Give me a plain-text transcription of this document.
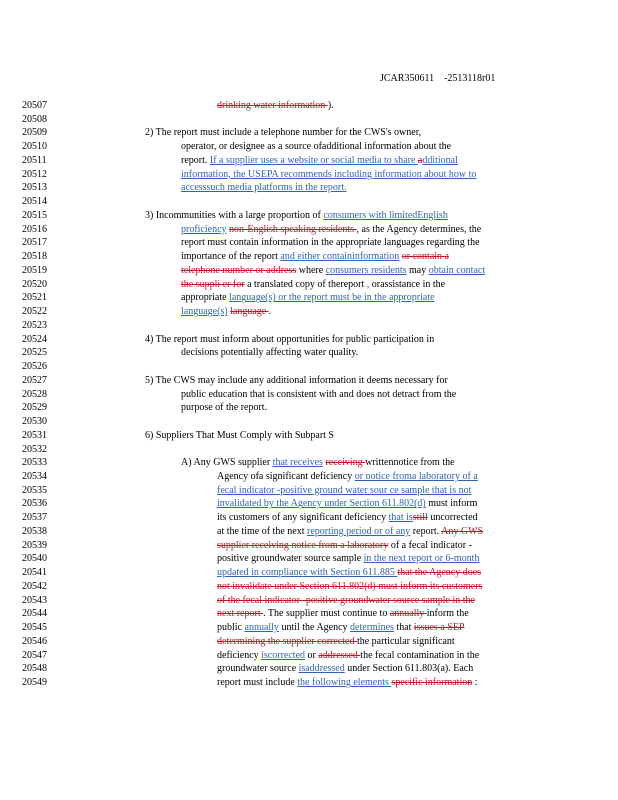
JCAR350611    -2513118r01
20507	drinking water information ).
20508
20509	2) The report must include a telephone number for the CWS's owner,
20510	operator, or designee as a source ofadditional information about the
20511	report. If a supplier uses a website or social media to share additional
20512	information, the USEPA recommends including information about how to
20513	accesssuch media platforms in the report.
20514
20515	3) Incommunities with a large proportion of consumers with limitedEnglish
20516	proficiency non-English speaking residents , as the Agency determines, the
20517	report must contain information in the appropriate languages regarding the
20518	importance of the report and either containinformation or contain a
20519	telephone number or address where consumers residents may obtain contact
20520	the suppli er for a translated copy of thereport , orassistance in the
20521	appropriate language(s) or the report must be in the appropriate
20522	language(s) language .
20523
20524	4) The report must inform about opportunities for public participation in
20525	decisions potentially affecting water quality.
20526
20527	5) The CWS may include any additional information it deems necessary for
20528	public education that is consistent with and does not detract from the
20529	purpose of the report.
20530
20531	6) Suppliers That Must Comply with Subpart S
20532
20533	A) Any GWS supplier that receives receiving writtennotice from the
20534	Agency ofa significant deficiency or notice froma laboratory of a
20535	fecal indicator -positive ground water sour ce sample that is not
20536	invalidated by the Agency under Section 611.802(d) must inform
20537	its customers of any significant deficiency that isstill uncorrected
20538	at the time of the next reporting period or of any report. Any GWS
20539	supplier receiving notice from a laboratory of a fecal indicator -
20540	positive groundwater source sample in the next report or 6-month
20541	updated in compliance with Section 611.885 that the Agency does
20542	not invalidate under Section 611.802(d) must inform its customers
20543	of the fecal indicator -positive groundwater source sample in the
20544	next report . The supplier must continue to annually inform the
20545	public annually until the Agency determines that issues a SEP
20546	determining the supplier corrected the particular significant
20547	deficiency iscorrected or addressed the fecal contamination in the
20548	groundwater source isaddressed under Section 611.803(a). Each
20549	report must include the following elements specific information :
